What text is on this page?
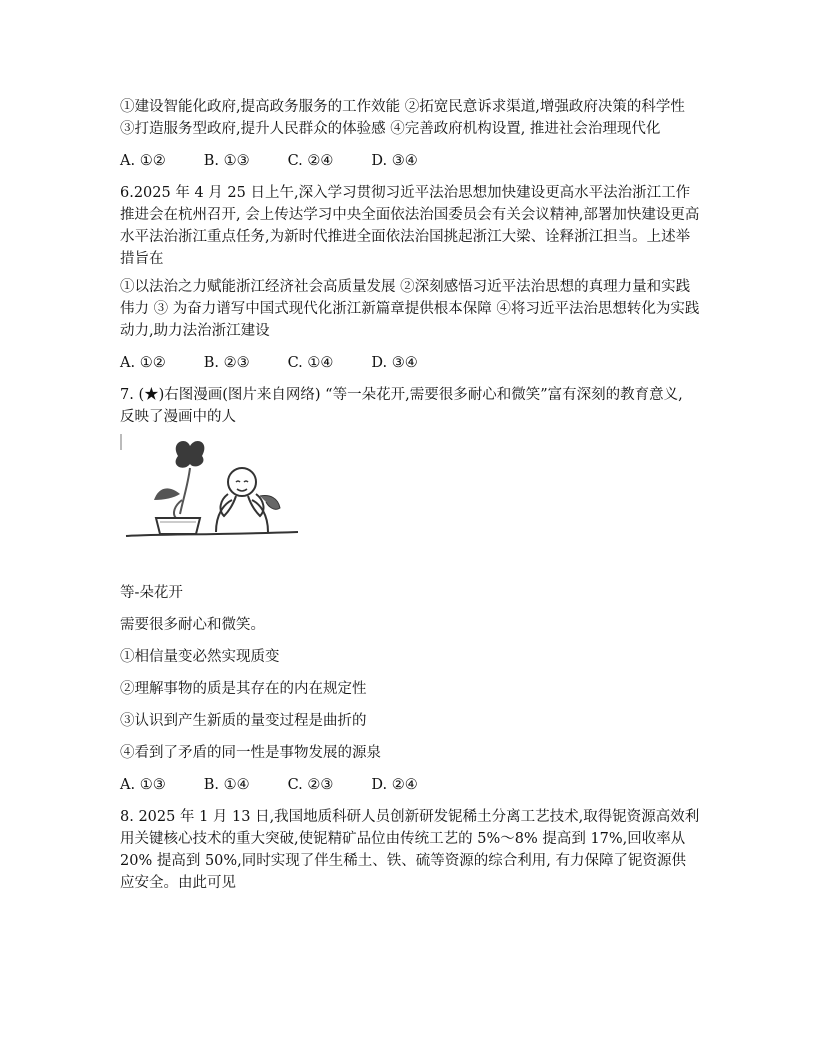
①建设智能化政府,提高政务服务的工作效能 ②拓宽民意诉求渠道,增强政府决策的科学性 ③打造服务型政府,提升人民群众的体验感 ④完善政府机构设置, 推进社会治理现代化

A. ①②	B. ①③	C. ②④	D. ③④

6.2025 年 4 月 25 日上午,深入学习贯彻习近平法治思想加快建设更高水平法治浙江工作推进会在杭州召开, 会上传达学习中央全面依法治国委员会有关会议精神,部署加快建设更高水平法治浙江重点任务,为新时代推进全面依法治国挑起浙江大梁、诠释浙江担当。上述举措旨在

①以法治之力赋能浙江经济社会高质量发展 ②深刻感悟习近平法治思想的真理力量和实践伟力 ③ 为奋力谱写中国式现代化浙江新篇章提供根本保障 ④将习近平法治思想转化为实践动力,助力法治浙江建设

A. ①②	B. ②③	C. ①④	D. ③④

7. (★)右图漫画(图片来自网络) “等一朵花开,需要很多耐心和微笑”富有深刻的教育意义, 反映了漫画中的人

等-朵花开

需要很多耐心和微笑。

①相信量变必然实现质变

②理解事物的质是其存在的内在规定性

③认识到产生新质的量变过程是曲折的

④看到了矛盾的同一性是事物发展的源泉

A. ①③	B. ①④	C. ②③	D. ②④

8. 2025 年 1 月 13 日,我国地质科研人员创新研发铌稀土分离工艺技术,取得铌资源高效利用关键核心技术的重大突破,使铌精矿品位由传统工艺的 5%～8% 提高到 17%,回收率从 20% 提高到 50%,同时实现了伴生稀土、铁、硫等资源的综合利用, 有力保障了铌资源供应安全。由此可见
